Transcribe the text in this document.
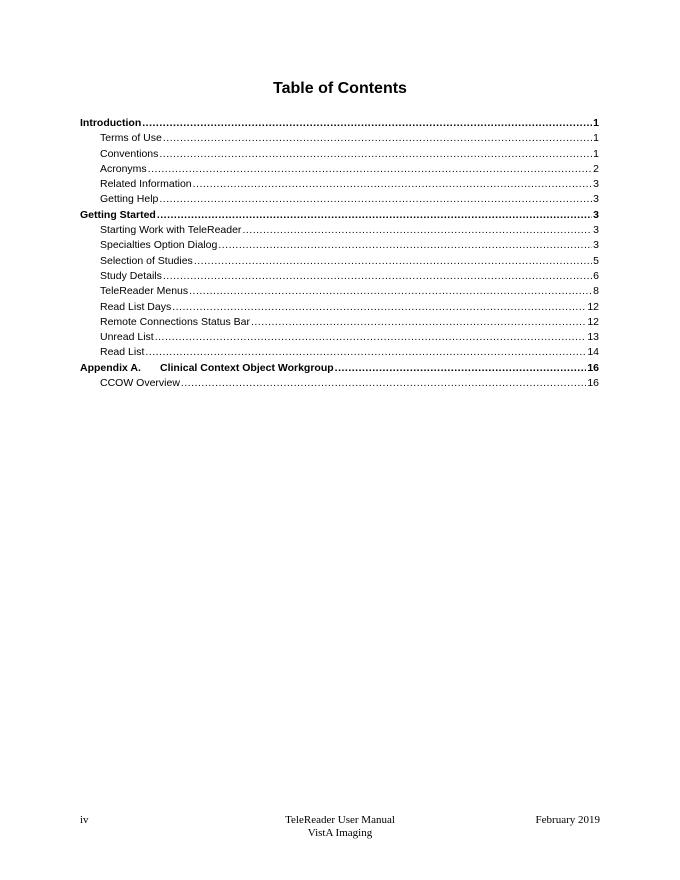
Table of Contents
Introduction .....	1
Terms of Use .....	1
Conventions .....	1
Acronyms .....	2
Related Information .....	3
Getting Help .....	3
Getting Started .....	3
Starting Work with TeleReader .....	3
Specialties Option Dialog .....	3
Selection of Studies .....	5
Study Details .....	6
TeleReader Menus .....	8
Read List Days .....	12
Remote Connections Status Bar .....	12
Unread List .....	13
Read List .....	14
Appendix A. Clinical Context Object Workgroup .....	16
CCOW Overview .....	16
iv	TeleReader User Manual
VistA Imaging
February 2019
